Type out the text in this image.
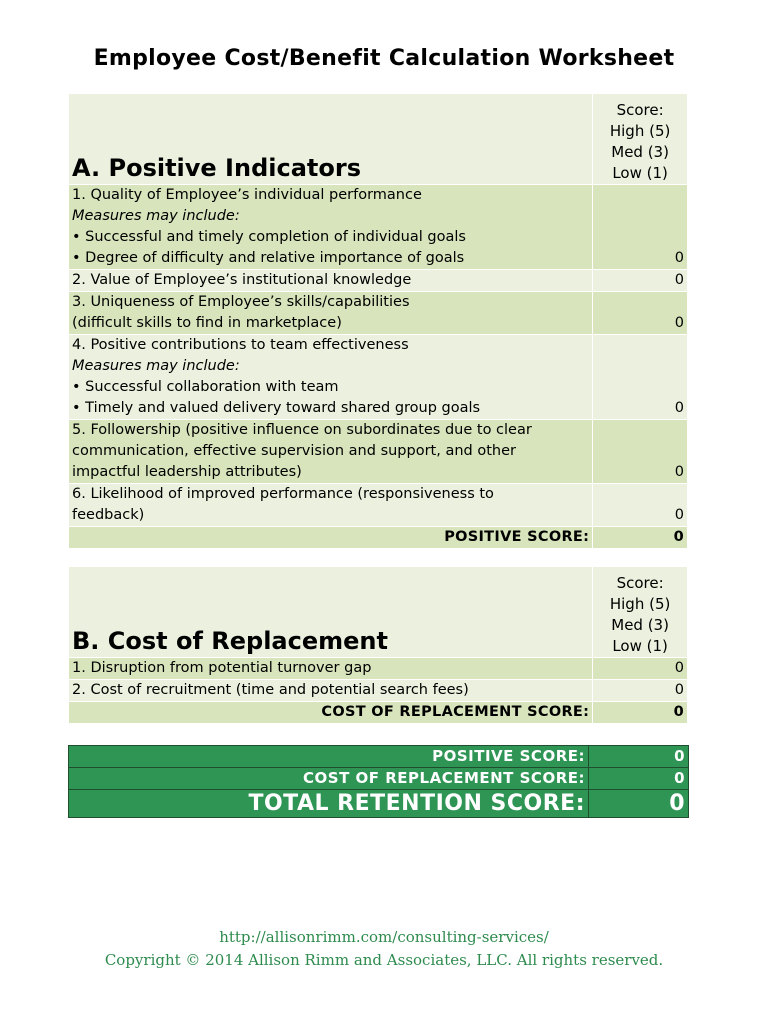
Employee Cost/Benefit Calculation Worksheet
A. Positive Indicators	Score:
High (5)
Med (3)
Low (1)

1. Quality of Employee’s individual performance
Measures may include:
• Successful and timely completion of individual goals
• Degree of difficulty and relative importance of goals	0

2. Value of Employee’s institutional knowledge	0

3. Uniqueness of Employee’s skills/capabilities
(difficult skills to find in marketplace)	0

4. Positive contributions to team effectiveness
Measures may include:
• Successful collaboration with team
• Timely and valued delivery toward shared group goals	0

5. Followership (positive influence on subordinates due to clear
communication, effective supervision and support, and other
impactful leadership attributes)	0

6. Likelihood of improved performance (responsiveness to
feedback)	0
POSITIVE SCORE:	0
B. Cost of Replacement	Score:
High (5)
Med (3)
Low (1)

1. Disruption from potential turnover gap	0

2. Cost of recruitment (time and potential search fees)	0
COST OF REPLACEMENT SCORE:	0
POSITIVE SCORE:	0
COST OF REPLACEMENT SCORE:	0
TOTAL RETENTION SCORE:	0
http://allisonrimm.com/consulting-services/
Copyright © 2014 Allison Rimm and Associates, LLC. All rights reserved.
